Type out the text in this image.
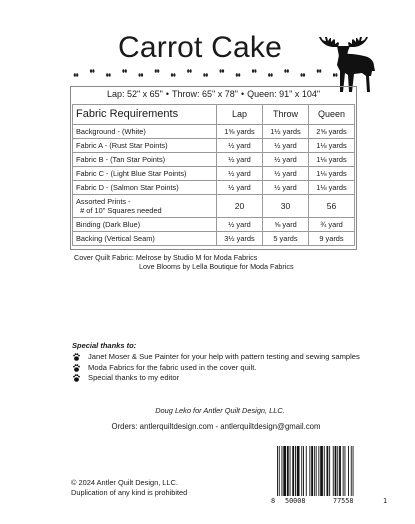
Carrot Cake
Lap: 52" x 65" • Throw: 65" x 78" • Queen: 91" x 104"
Fabric Requirements	Lap	Throw	Queen
Background - (White)	1⅝ yards	1½ yards	2⅝ yards
Fabric A - (Rust Star Points)	½ yard	½ yard	1⅛ yards
Fabric B - (Tan Star Points)	½ yard	½ yard	1⅛ yards
Fabric C - (Light Blue Star Points)	½ yard	½ yard	1⅛ yards
Fabric D - (Salmon Star Points)	½ yard	½ yard	1⅛ yards
Assorted Prints -
# of 10" Squares needed	20	30	56
Binding (Dark Blue)	½ yard	⅝ yard	¾ yard
Backing (Vertical Seam)	3½ yards	5 yards	9 yards
Cover Quilt Fabric: Melrose by Studio M for Moda Fabrics

Love Blooms by Lella Boutique for Moda Fabrics
Special thanks to:
Janet Moser & Sue Painter for your help with pattern testing and sewing samples
Moda Fabrics for the fabric used in the cover quilt.
Special thanks to my editor
Doug Leko for Antler Quilt Design, LLC.
Orders: antlerquiltdesign.com - antlerquiltdesign@gmail.com
© 2024 Antler Quilt Design, LLC.
Duplication of any kind is prohibited
8 50008	77558	1
